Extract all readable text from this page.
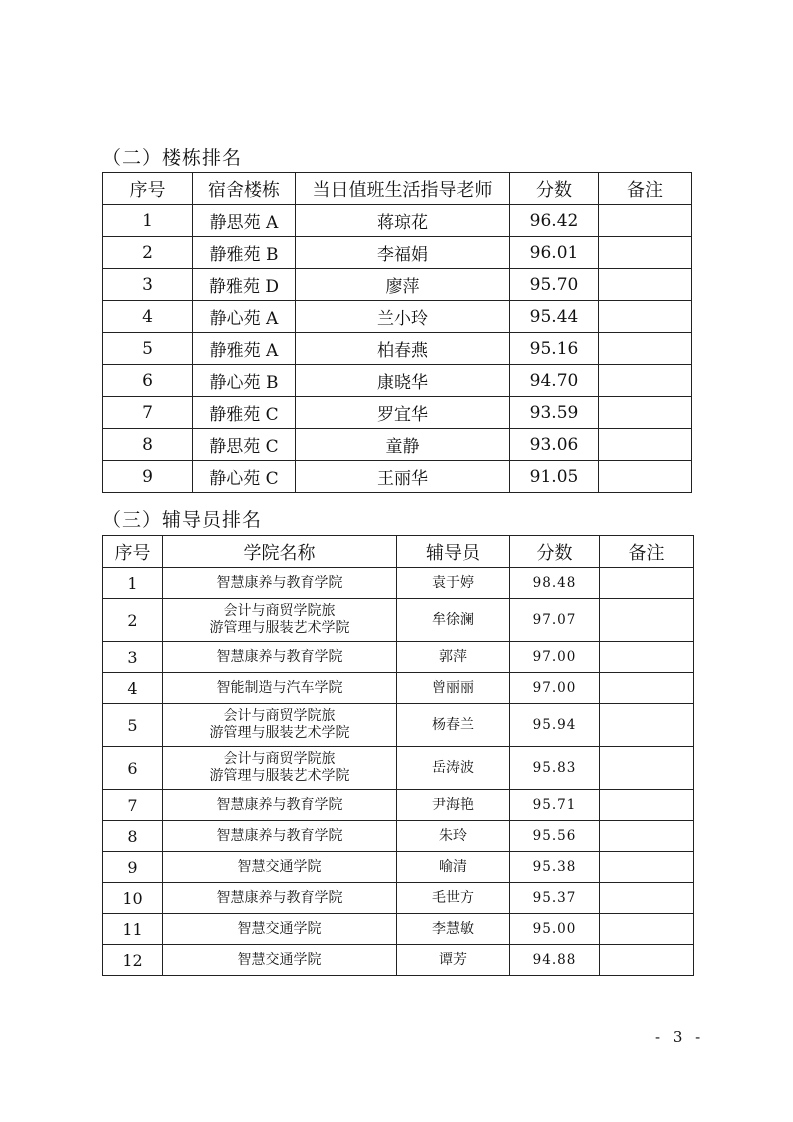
（二）楼栋排名
序号	宿舍楼栋	当日值班生活指导老师	分数	备注
1	静思苑 A	蒋琼花	96.42	
2	静雅苑 B	李福娟	96.01	
3	静雅苑 D	廖萍	95.70	
4	静心苑 A	兰小玲	95.44	
5	静雅苑 A	柏春燕	95.16	
6	静心苑 B	康晓华	94.70	
7	静雅苑 C	罗宜华	93.59	
8	静思苑 C	童静	93.06	
9	静心苑 C	王丽华	91.05	
（三）辅导员排名
序号	学院名称	辅导员	分数	备注
1	智慧康养与教育学院	袁于婷	98.48	
2	会计与商贸学院旅
游管理与服装艺术学院	牟徐澜	97.07	
3	智慧康养与教育学院	郭萍	97.00	
4	智能制造与汽车学院	曾丽丽	97.00	
5	会计与商贸学院旅
游管理与服装艺术学院	杨春兰	95.94	
6	会计与商贸学院旅
游管理与服装艺术学院	岳涛波	95.83	
7	智慧康养与教育学院	尹海艳	95.71	
8	智慧康养与教育学院	朱玲	95.56	
9	智慧交通学院	喻清	95.38	
10	智慧康养与教育学院	毛世方	95.37	
11	智慧交通学院	李慧敏	95.00	
12	智慧交通学院	谭芳	94.88	
- 3 -
